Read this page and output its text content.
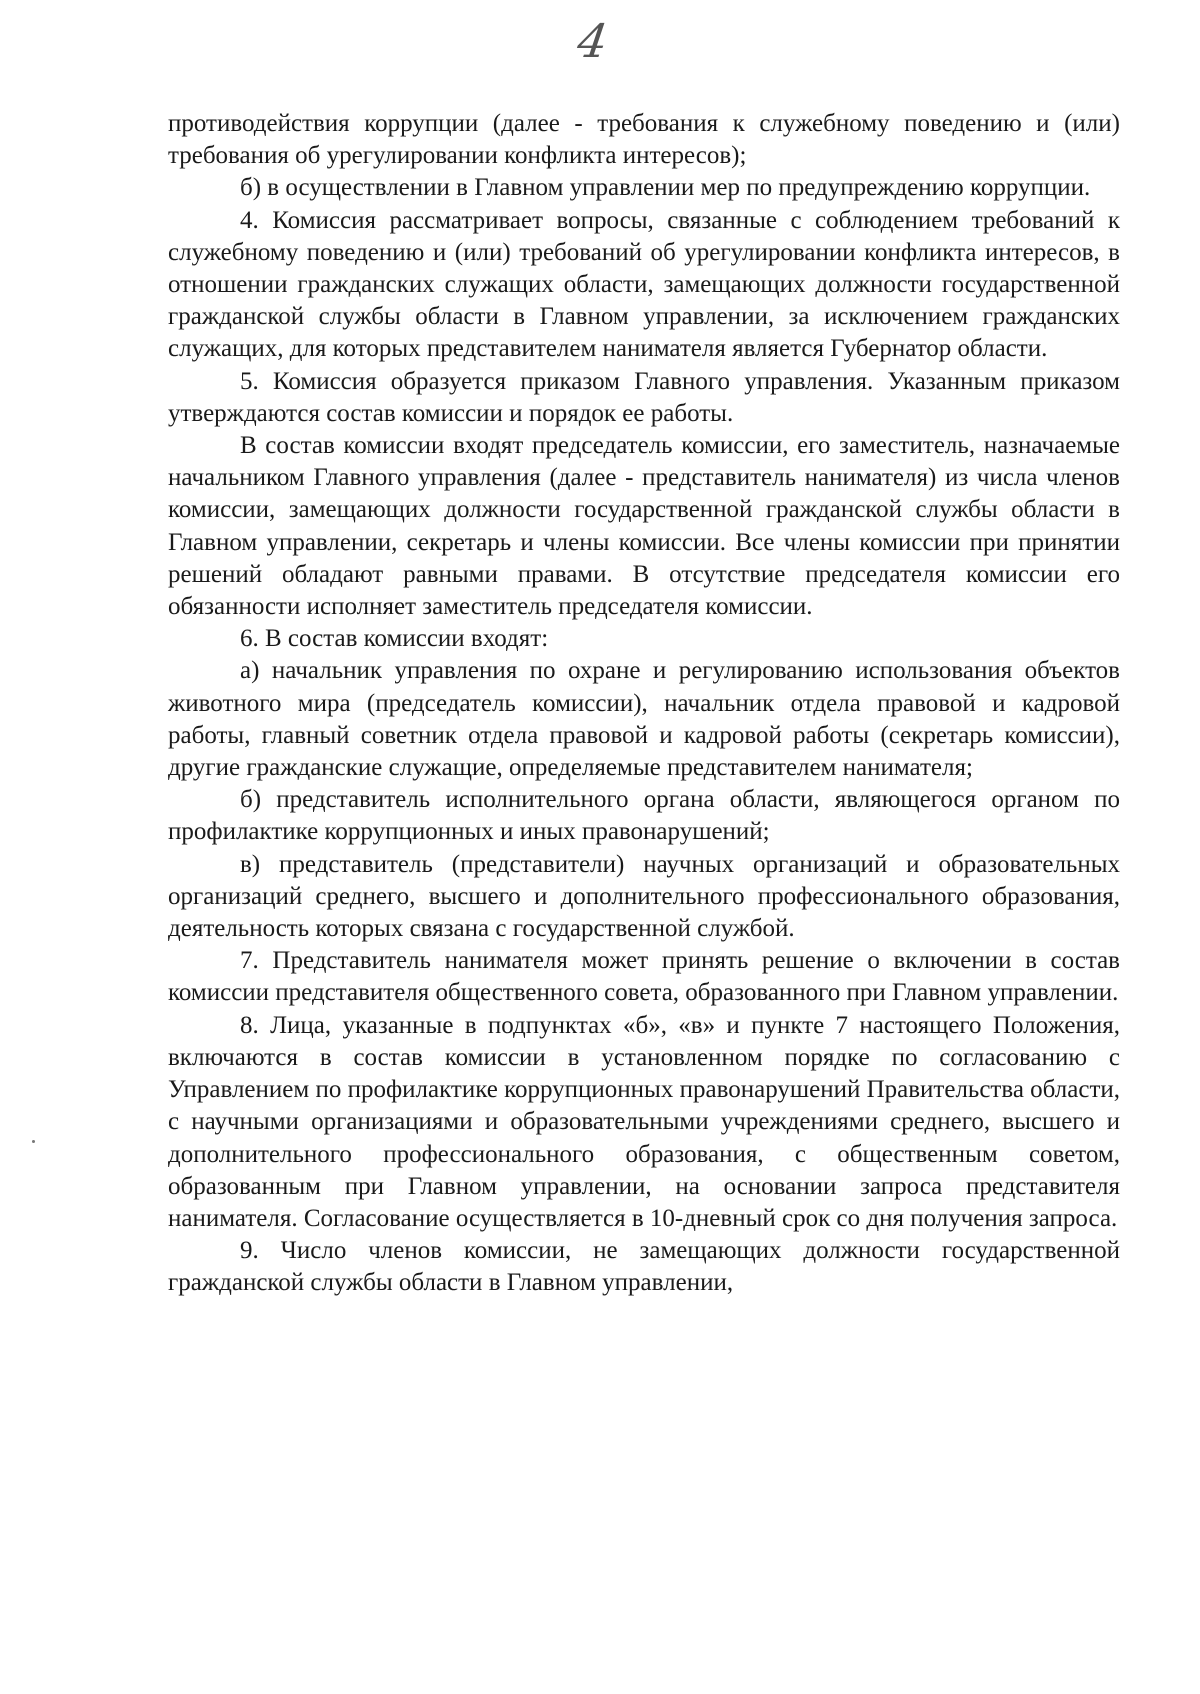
4

противодействия коррупции (далее - требования к служебному поведению и (или) требования об урегулировании конфликта интересов);

б) в осуществлении в Главном управлении мер по предупреждению коррупции.

4. Комиссия рассматривает вопросы, связанные с соблюдением требований к служебному поведению и (или) требований об урегулировании конфликта интересов, в отношении гражданских служащих области, замещающих должности государственной гражданской службы области в Главном управлении, за исключением гражданских служащих, для которых представителем нанимателя является Губернатор области.

5. Комиссия образуется приказом Главного управления. Указанным приказом утверждаются состав комиссии и порядок ее работы.

В состав комиссии входят председатель комиссии, его заместитель, назначаемые начальником Главного управления (далее - представитель нанимателя) из числа членов комиссии, замещающих должности государственной гражданской службы области в Главном управлении, секретарь и члены комиссии. Все члены комиссии при принятии решений обладают равными правами. В отсутствие председателя комиссии его обязанности исполняет заместитель председателя комиссии.

6. В состав комиссии входят:

а) начальник управления по охране и регулированию использования объектов животного мира (председатель комиссии), начальник отдела правовой и кадровой работы, главный советник отдела правовой и кадровой работы (секретарь комиссии), другие гражданские служащие, определяемые представителем нанимателя;

б) представитель исполнительного органа области, являющегося органом по профилактике коррупционных и иных правонарушений;

в) представитель (представители) научных организаций и образовательных организаций среднего, высшего и дополнительного профессионального образования, деятельность которых связана с государственной службой.

7. Представитель нанимателя может принять решение о включении в состав комиссии представителя общественного совета, образованного при Главном управлении.

8. Лица, указанные в подпунктах «б», «в» и пункте 7 настоящего Положения, включаются в состав комиссии в установленном порядке по согласованию с Управлением по профилактике коррупционных правонарушений Правительства области, с научными организациями и образовательными учреждениями среднего, высшего и дополнительного профессионального образования, с общественным советом, образованным при Главном управлении, на основании запроса представителя нанимателя. Согласование осуществляется в 10-дневный срок со дня получения запроса.

9. Число членов комиссии, не замещающих должности государственной гражданской службы области в Главном управлении,
